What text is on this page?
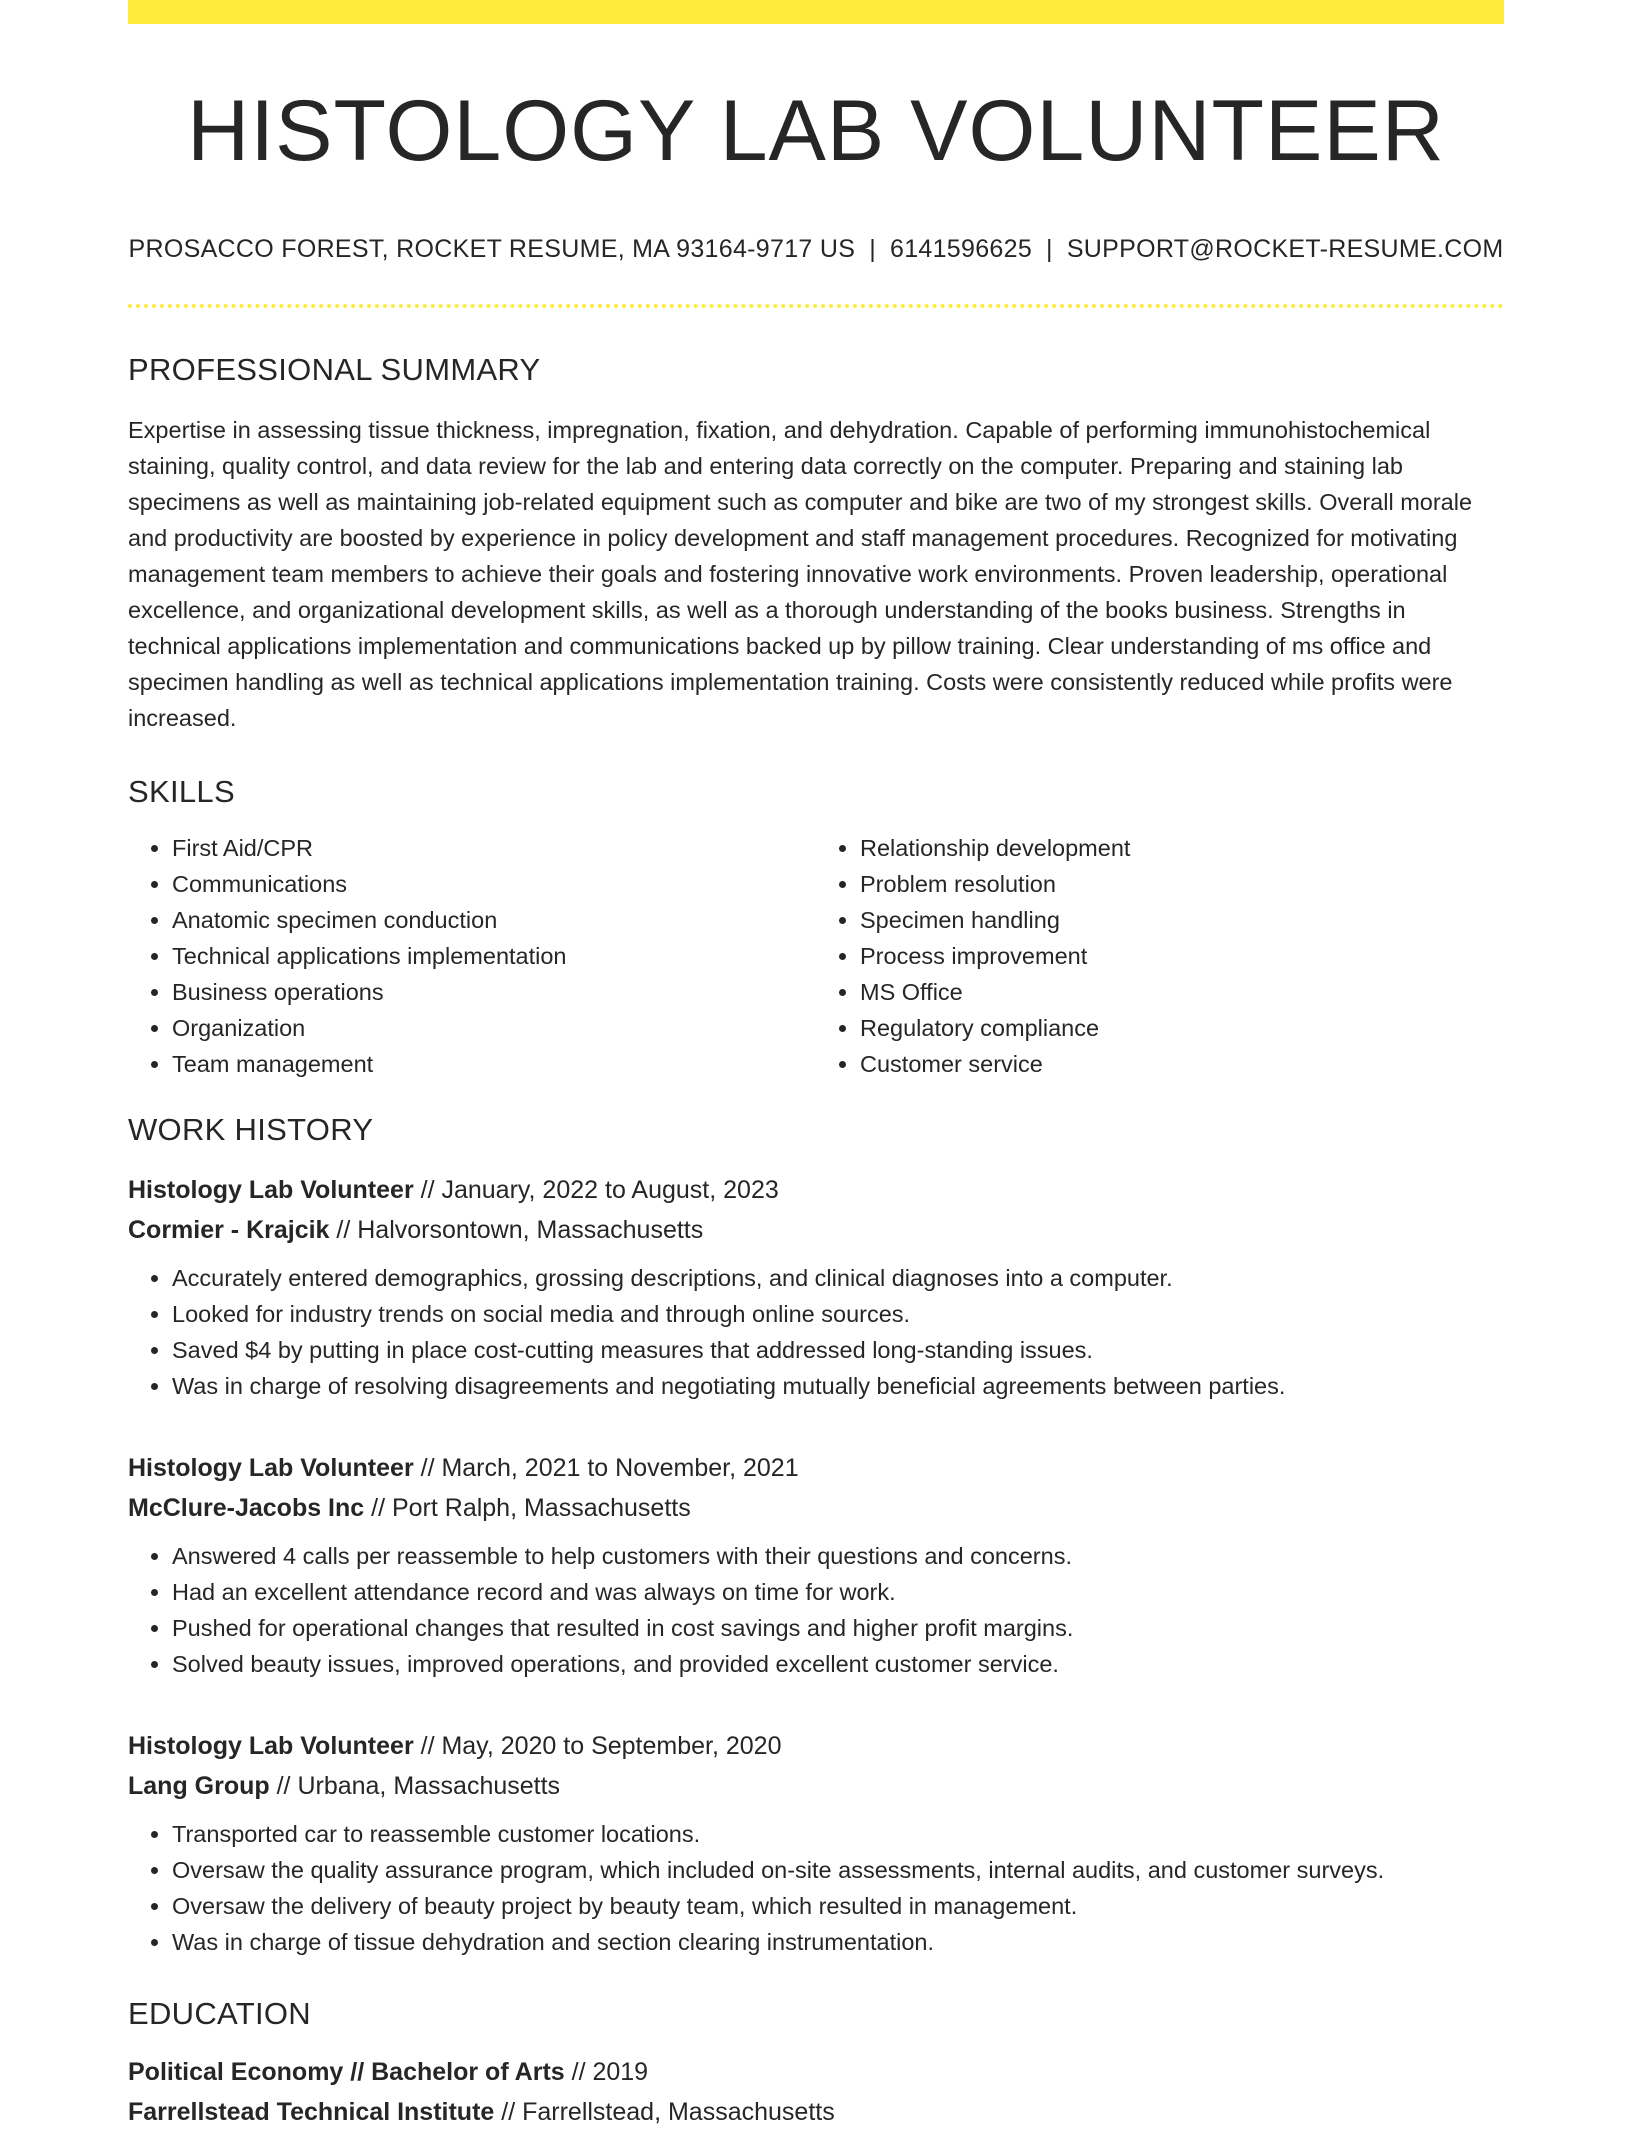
HISTOLOGY LAB VOLUNTEER
PROSACCO FOREST, ROCKET RESUME, MA 93164-9717 US | 6141596625 | SUPPORT@ROCKET-RESUME.COM
PROFESSIONAL SUMMARY
Expertise in assessing tissue thickness, impregnation, fixation, and dehydration. Capable of performing immunohistochemical staining, quality control, and data review for the lab and entering data correctly on the computer. Preparing and staining lab specimens as well as maintaining job-related equipment such as computer and bike are two of my strongest skills. Overall morale and productivity are boosted by experience in policy development and staff management procedures. Recognized for motivating management team members to achieve their goals and fostering innovative work environments. Proven leadership, operational excellence, and organizational development skills, as well as a thorough understanding of the books business. Strengths in technical applications implementation and communications backed up by pillow training. Clear understanding of ms office and specimen handling as well as technical applications implementation training. Costs were consistently reduced while profits were increased.
SKILLS
• First Aid/CPR
• Communications
• Anatomic specimen conduction
• Technical applications implementation
• Business operations
• Organization
• Team management
• Relationship development
• Problem resolution
• Specimen handling
• Process improvement
• MS Office
• Regulatory compliance
• Customer service
WORK HISTORY
Histology Lab Volunteer // January, 2022 to August, 2023
Cormier - Krajcik // Halvorsontown, Massachusetts
• Accurately entered demographics, grossing descriptions, and clinical diagnoses into a computer.
• Looked for industry trends on social media and through online sources.
• Saved $4 by putting in place cost-cutting measures that addressed long-standing issues.
• Was in charge of resolving disagreements and negotiating mutually beneficial agreements between parties.
Histology Lab Volunteer // March, 2021 to November, 2021
McClure-Jacobs Inc // Port Ralph, Massachusetts
• Answered 4 calls per reassemble to help customers with their questions and concerns.
• Had an excellent attendance record and was always on time for work.
• Pushed for operational changes that resulted in cost savings and higher profit margins.
• Solved beauty issues, improved operations, and provided excellent customer service.
Histology Lab Volunteer // May, 2020 to September, 2020
Lang Group // Urbana, Massachusetts
• Transported car to reassemble customer locations.
• Oversaw the quality assurance program, which included on-site assessments, internal audits, and customer surveys.
• Oversaw the delivery of beauty project by beauty team, which resulted in management.
• Was in charge of tissue dehydration and section clearing instrumentation.
EDUCATION
Political Economy // Bachelor of Arts // 2019
Farrellstead Technical Institute // Farrellstead, Massachusetts
